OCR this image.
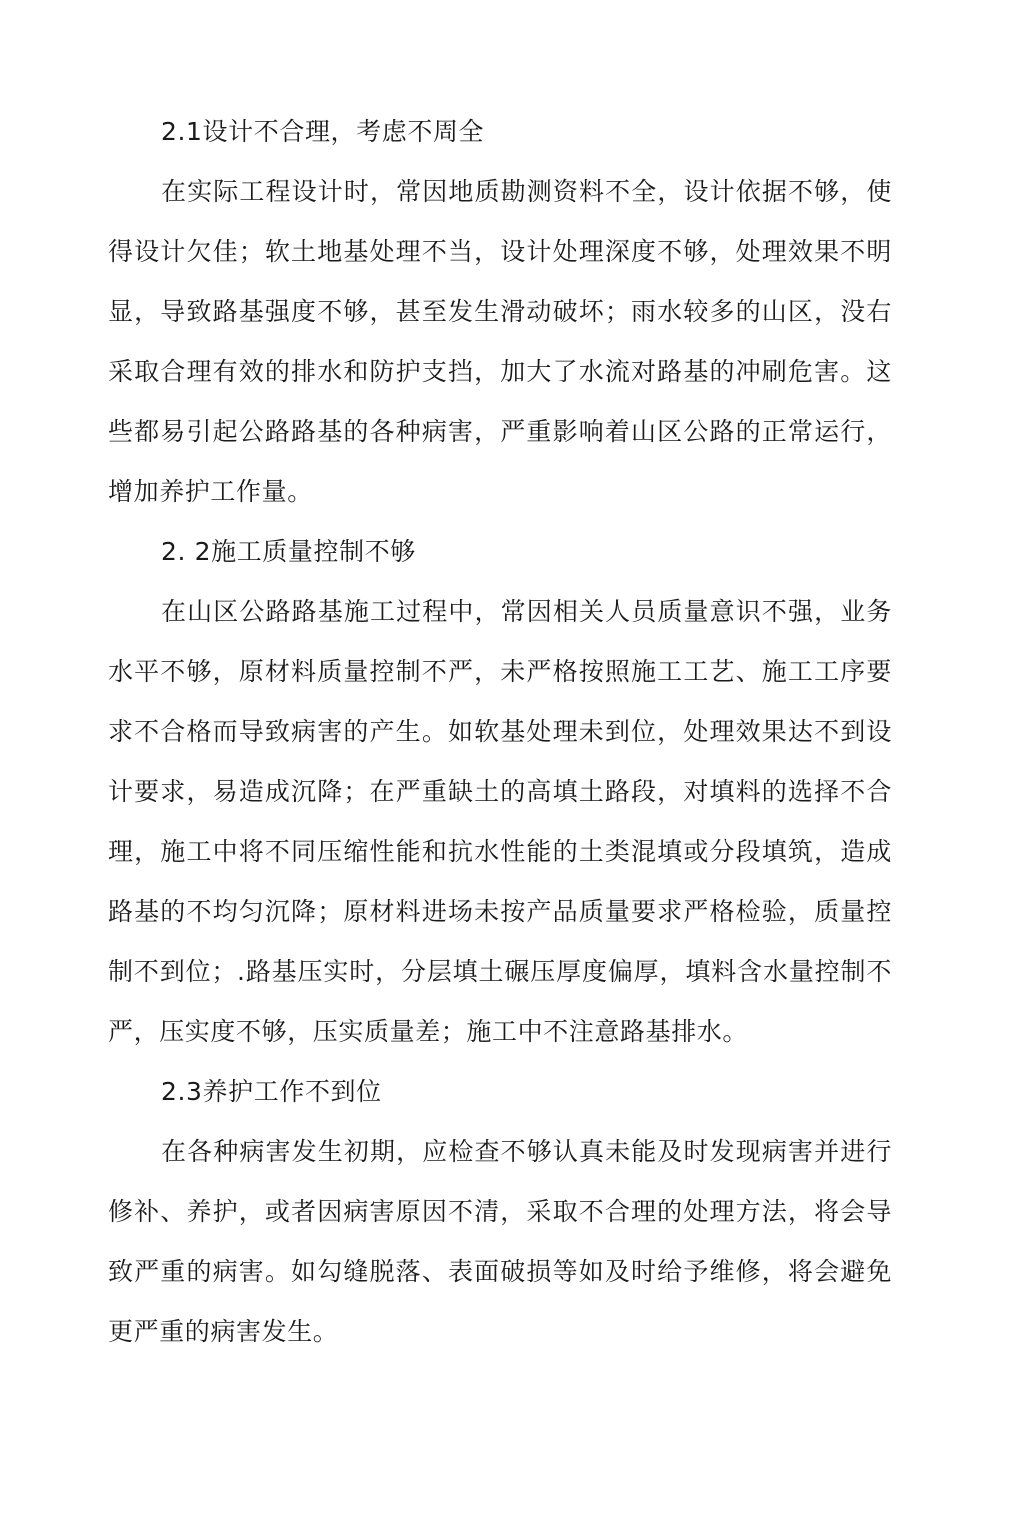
2.1设计不合理，考虑不周全

在实际工程设计时，常因地质勘测资料不全，设计依据不够，使得设计欠佳；软土地基处理不当，设计处理深度不够，处理效果不明显，导致路基强度不够，甚至发生滑动破坏；雨水较多的山区，没右采取合理有效的排水和防护支挡，加大了水流对路基的冲刷危害。这些都易引起公路路基的各种病害，严重影响着山区公路的正常运行，增加养护工作量。

2. 2施工质量控制不够

在山区公路路基施工过程中，常因相关人员质量意识不强，业务水平不够，原材料质量控制不严，未严格按照施工工艺、施工工序要求不合格而导致病害的产生。如软基处理未到位，处理效果达不到设计要求，易造成沉降；在严重缺土的高填土路段，对填料的选择不合理，施工中将不同压缩性能和抗水性能的土类混填或分段填筑，造成路基的不均匀沉降；原材料进场未按产品质量要求严格检验，质量控制不到位；.路基压实时，分层填土碾压厚度偏厚，填料含水量控制不严，压实度不够，压实质量差；施工中不注意路基排水。

2.3养护工作不到位

在各种病害发生初期，应检查不够认真未能及时发现病害并进行修补、养护，或者因病害原因不清，采取不合理的处理方法，将会导致严重的病害。如勾缝脱落、表面破损等如及时给予维修，将会避免更严重的病害发生。
